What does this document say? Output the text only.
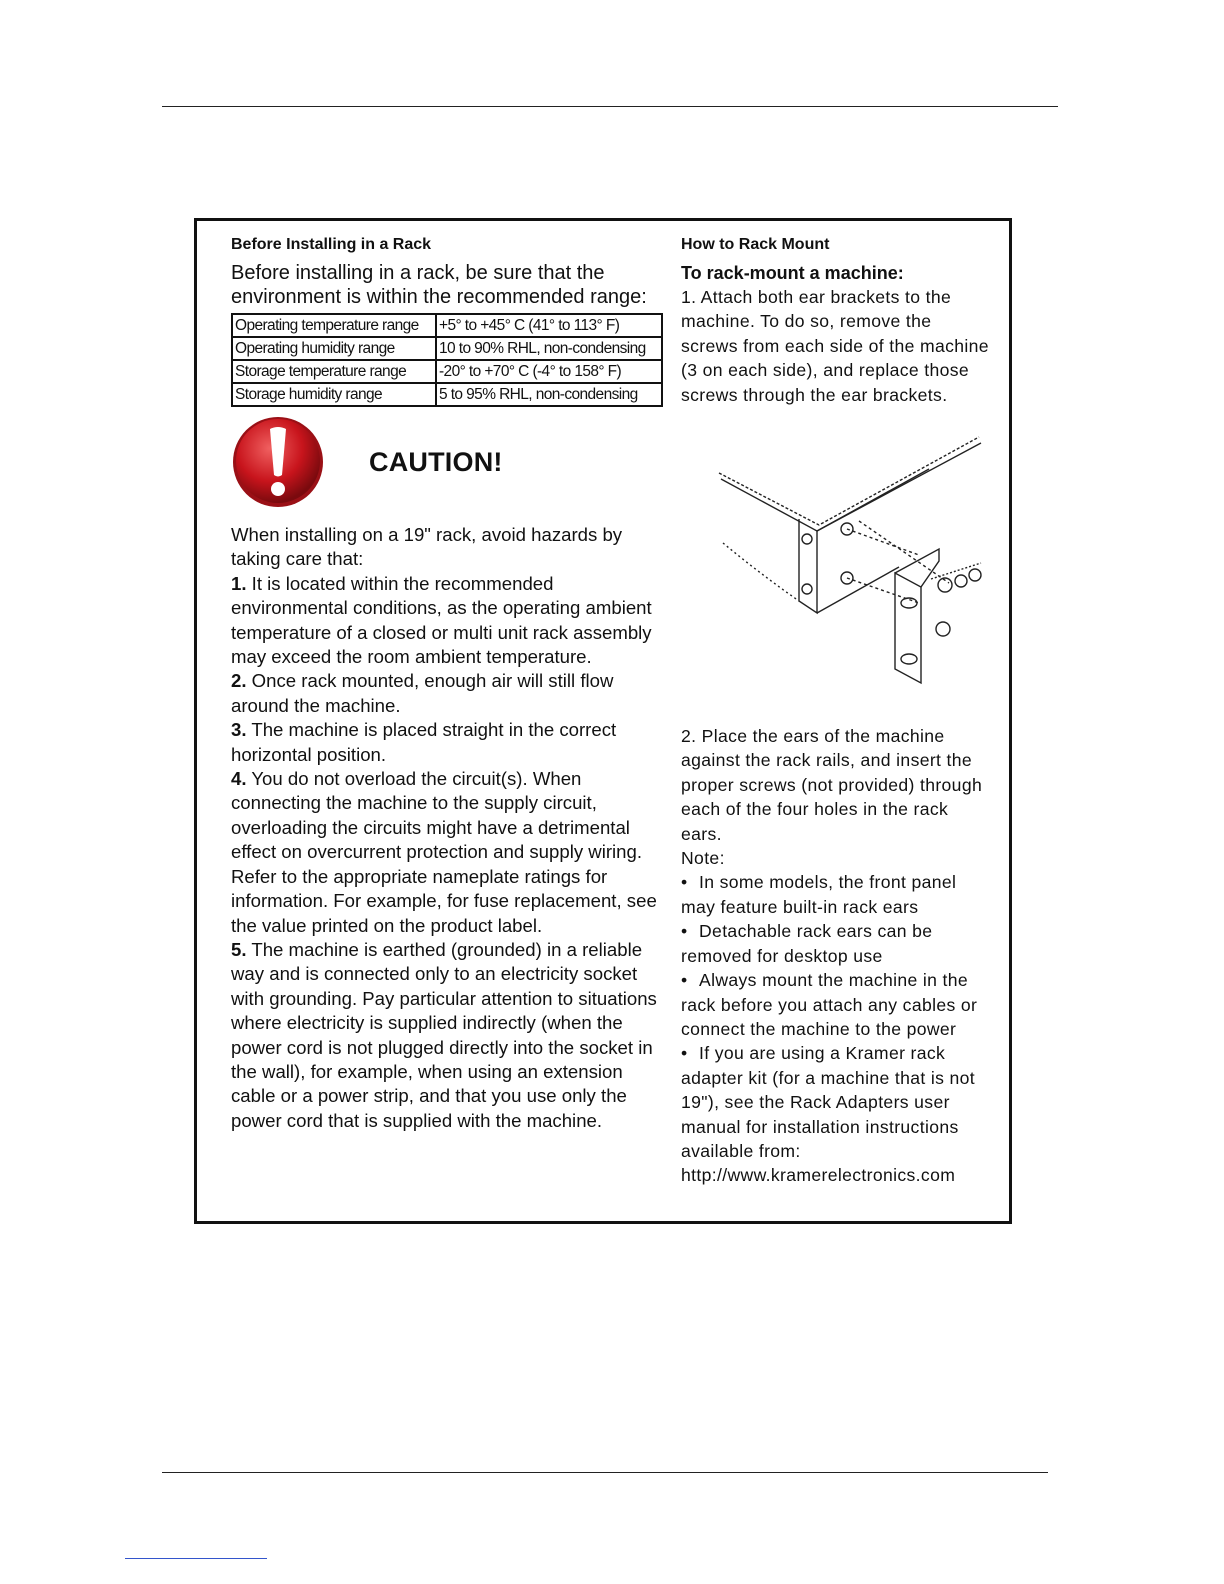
Before Installing in a Rack
Before installing in a rack, be sure that the environment is within the recommended range:
Operating temperature range	+5° to +45° C (41° to 113° F)
Operating humidity range	10 to 90% RHL, non-condensing
Storage temperature range	-20° to +70° C (-4° to 158° F)
Storage humidity range	5 to 95% RHL, non-condensing
CAUTION!

When installing on a 19" rack, avoid hazards by taking care that:

1. It is located within the recommended environmental conditions, as the operating ambient temperature of a closed or multi unit rack assembly may exceed the room ambient temperature.

2. Once rack mounted, enough air will still flow around the machine.

3. The machine is placed straight in the correct horizontal position.

4. You do not overload the circuit(s). When connecting the machine to the supply circuit, overloading the circuits might have a detrimental effect on overcurrent protection and supply wiring. Refer to the appropriate nameplate ratings for information. For example, for fuse replacement, see the value printed on the product label.

5. The machine is earthed (grounded) in a reliable way and is connected only to an electricity socket with grounding. Pay particular attention to situations where electricity is supplied indirectly (when the power cord is not plugged directly into the socket in the wall), for example, when using an extension cable or a power strip, and that you use only the power cord that is supplied with the machine.

How to Rack Mount
To rack-mount a machine:

1. Attach both ear brackets to the machine. To do so, remove the screws from each side of the machine (3 on each side), and replace those screws through the ear brackets.

2. Place the ears of the machine against the rack rails, and insert the proper screws (not provided) through each of the four holes in the rack ears.

Note:

• In some models, the front panel may feature built-in rack ears

• Detachable rack ears can be removed for desktop use

• Always mount the machine in the rack before you attach any cables or connect the machine to the power

• If you are using a Kramer rack adapter kit (for a machine that is not 19"), see the Rack Adapters user manual for installation instructions available from:

http://www.kramerelectronics.com
